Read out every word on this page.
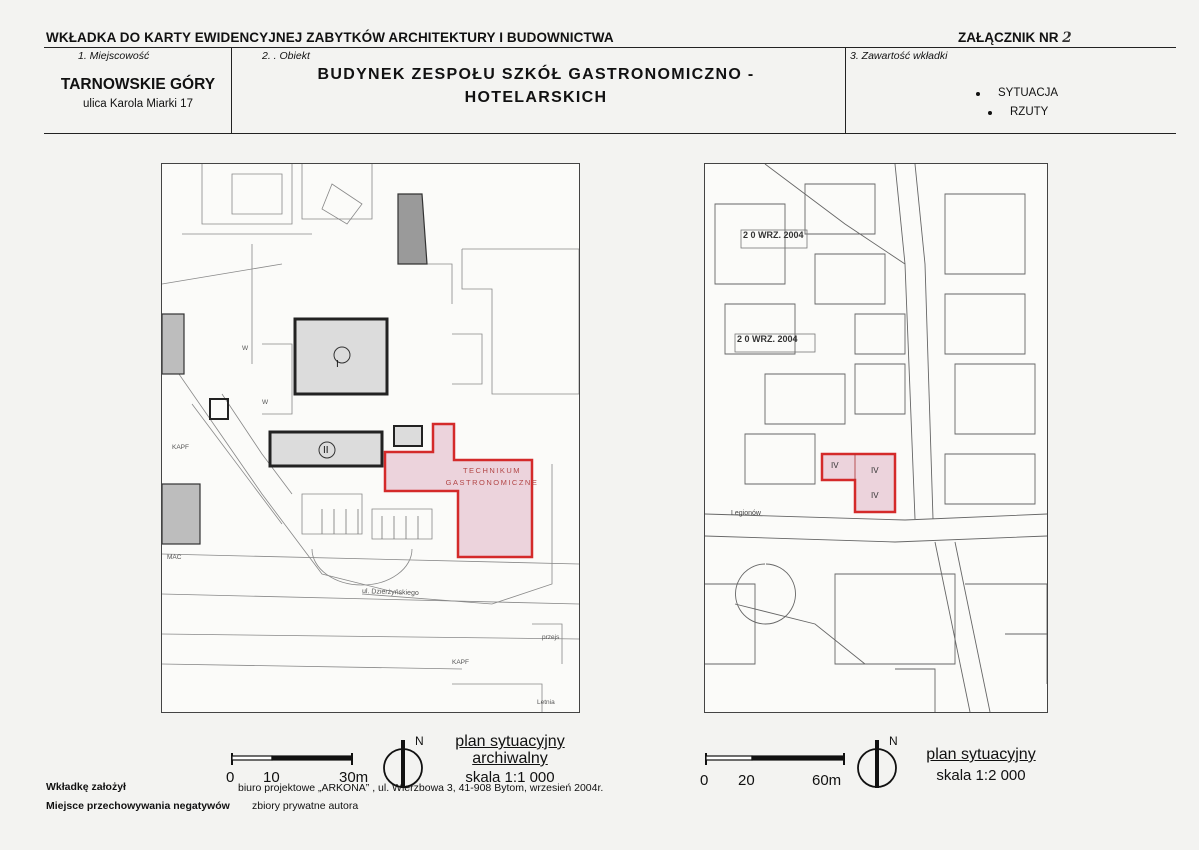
WKŁADKA DO KARTY EWIDENCYJNEJ ZABYTKÓW ARCHITEKTURY I BUDOWNICTWA	ZAŁĄCZNIK NR 2
1. Miejscowość
TARNOWSKIE GÓRY
ulica Karola Miarki 17
2. . Obiekt
BUDYNEK ZESPOŁU SZKÓŁ GASTRONOMICZNO -
HOTELARSKICH
3. Zawartość wkładki
SYTUACJA
RZUTY
W
W
KAPF
MAC
KAPF
Letnia
przejs
I
II
TECHNIKUM
GASTRONOMICZNE
ul. Dzierżyńskiego
2 0 WRZ. 2004
2 0 WRZ. 2004
Legionów
IV
IV
IV
0 10	30m
N	plan sytuacyjny
archiwalny
skala 1:1 000	0 20	60m
N
plan sytuacyjny
skala 1:2 000
Wkładkę założył	biuro projektowe „ARKONA” , ul. Wierzbowa 3, 41-908 Bytom, wrzesień 2004r.
Miejsce przechowywania negatywów zbiory prywatne autora
